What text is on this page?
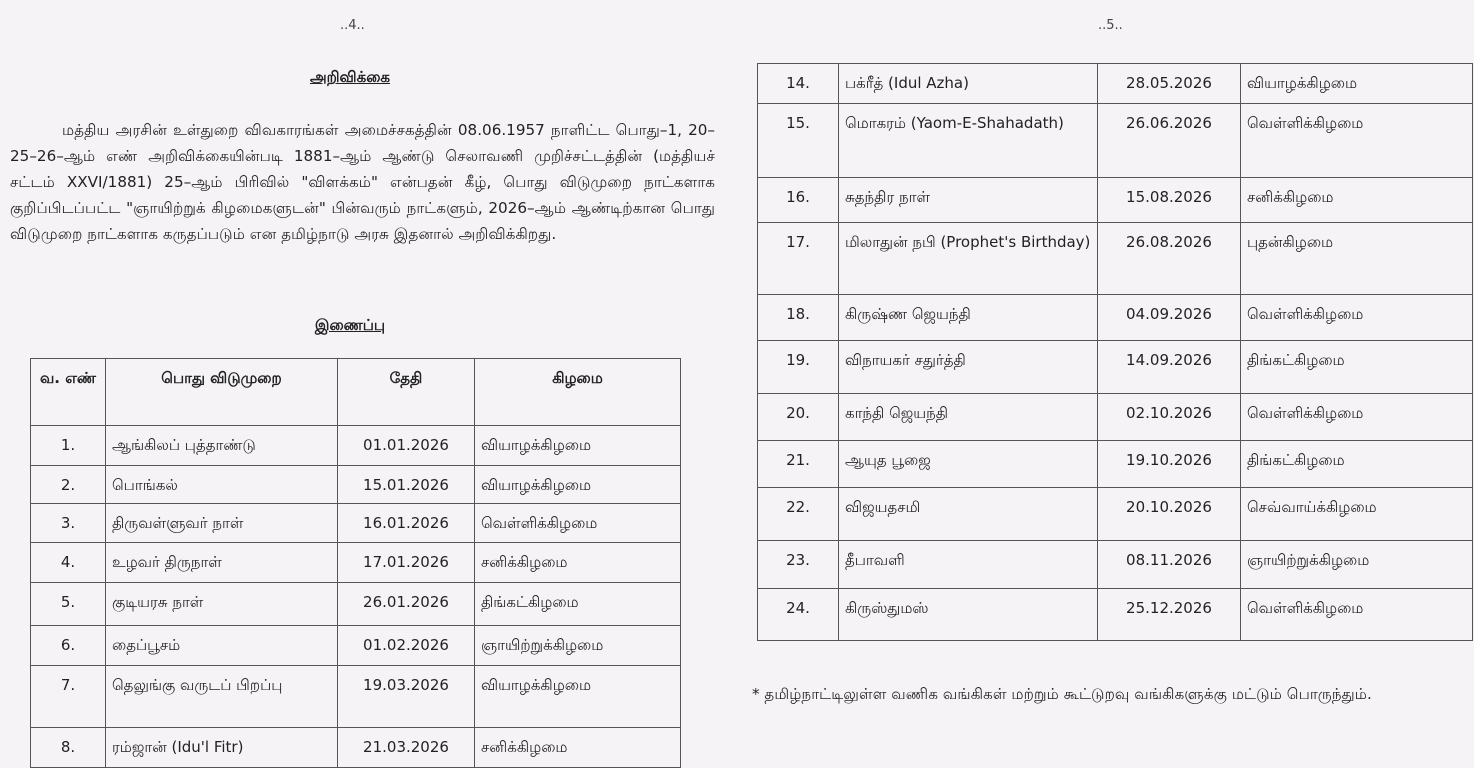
..4..
அறிவிக்கை
மத்திய அரசின் உள்துறை விவகாரங்கள் அமைச்சகத்தின் 08.06.1957 நாளிட்ட பொது–1, 20–25–26–ஆம் எண் அறிவிக்கையின்படி 1881–ஆம் ஆண்டு செலாவணி முறிச்சட்டத்தின் (மத்தியச் சட்டம் XXVI/1881) 25–ஆம் பிரிவில் "விளக்கம்" என்பதன் கீழ், பொது விடுமுறை நாட்களாக குறிப்பிடப்பட்ட "ஞாயிற்றுக் கிழமைகளுடன்" பின்வரும் நாட்களும், 2026–ஆம் ஆண்டிற்கான பொது விடுமுறை நாட்களாக கருதப்படும் என தமிழ்நாடு அரசு இதனால் அறிவிக்கிறது.
இணைப்பு
வ. எண்	பொது விடுமுறை	தேதி	கிழமை
1.	ஆங்கிலப் புத்தாண்டு	01.01.2026	வியாழக்கிழமை
2.	பொங்கல்	15.01.2026	வியாழக்கிழமை
3.	திருவள்ளுவர் நாள்	16.01.2026	வெள்ளிக்கிழமை
4.	உழவர் திருநாள்	17.01.2026	சனிக்கிழமை
5.	குடியரசு நாள்	26.01.2026	திங்கட்கிழமை
6.	தைப்பூசம்	01.02.2026	ஞாயிற்றுக்கிழமை
7.	தெலுங்கு வருடப் பிறப்பு	19.03.2026	வியாழக்கிழமை
8.	ரம்ஜான் (Idu'l Fitr)	21.03.2026	சனிக்கிழமை
..5..
14.	பக்ரீத் (Idul Azha)	28.05.2026	வியாழக்கிழமை
15.	மொகரம் (Yaom-E-Shahadath)	26.06.2026	வெள்ளிக்கிழமை
16.	சுதந்திர நாள்	15.08.2026	சனிக்கிழமை
17.	மிலாதுன் நபி (Prophet's Birthday)	26.08.2026	புதன்கிழமை
18.	கிருஷ்ண ஜெயந்தி	04.09.2026	வெள்ளிக்கிழமை
19.	விநாயகர் சதுர்த்தி	14.09.2026	திங்கட்கிழமை
20.	காந்தி ஜெயந்தி	02.10.2026	வெள்ளிக்கிழமை
21.	ஆயுத பூஜை	19.10.2026	திங்கட்கிழமை
22.	விஜயதசமி	20.10.2026	செவ்வாய்க்கிழமை
23.	தீபாவளி	08.11.2026	ஞாயிற்றுக்கிழமை
24.	கிருஸ்துமஸ்	25.12.2026	வெள்ளிக்கிழமை
* தமிழ்நாட்டிலுள்ள வணிக வங்கிகள் மற்றும் கூட்டுறவு வங்கிகளுக்கு மட்டும் பொருந்தும்.
